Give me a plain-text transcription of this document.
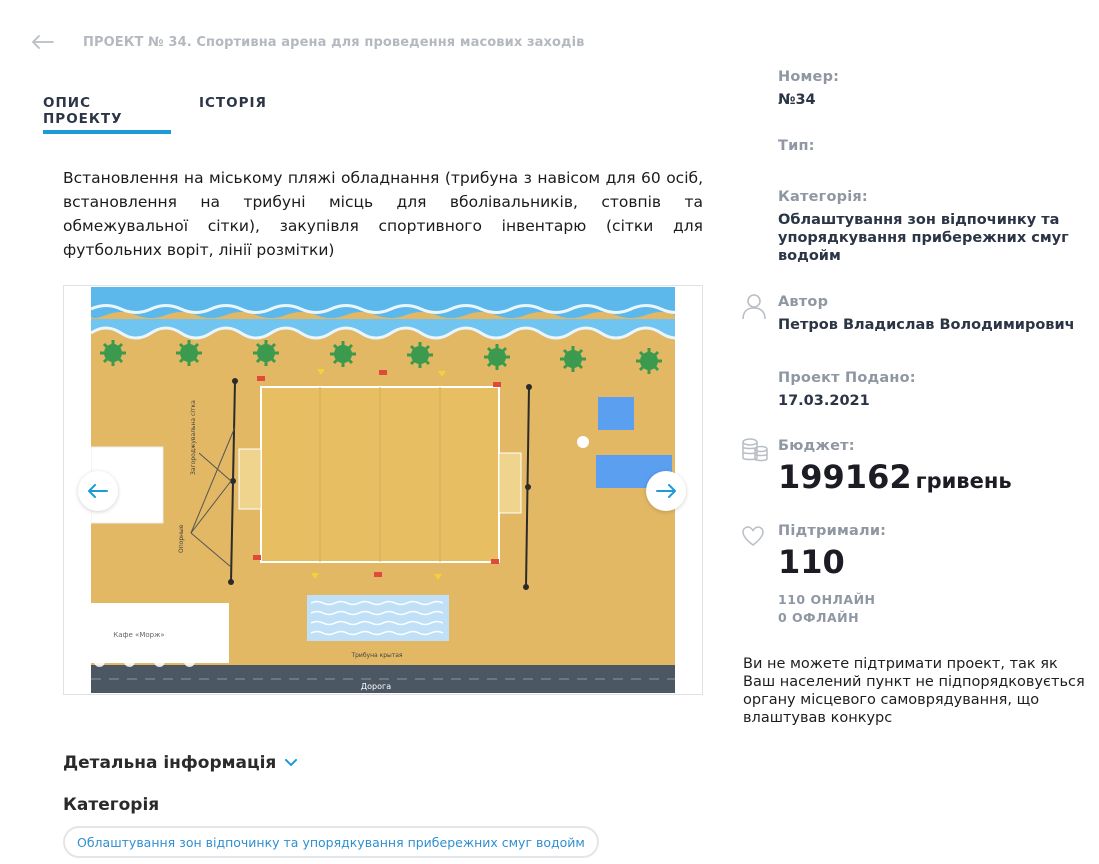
ПРОЕКТ № 34. Спортивна арена для проведення масових заходів
ОПИС ПРОЕКТУ
ІСТОРІЯ

Встановлення на міському пляжі обладнання (трибуна з навісом для 60 осіб, встановлення на трибуні місць для вболівальників, стовпів та обмежувальної сітки), закупівля спортивного інвентарю (сітки для футбольних воріт, лінії розмітки)

Загороджувальна сітка
Опорные
Кафе «Морж»
Трибуна крытая
Дорога
Детальна інформація
Категорія
Облаштування зон відпочинку та упорядкування прибережних смуг водойм
Номер:
№34
Тип:
Категорія:
Облаштування зон відпочинку та упорядкування прибережних смуг водойм
Автор
Петров Владислав Володимирович
Проект Подано:
17.03.2021
Бюджет:
199162 гривень
Підтримали:
110
110 ОНЛАЙН
0 ОФЛАЙН

Ви не можете підтримати проект, так як Ваш населений пункт не підпорядковується органу місцевого самоврядування, що влаштував конкурс
